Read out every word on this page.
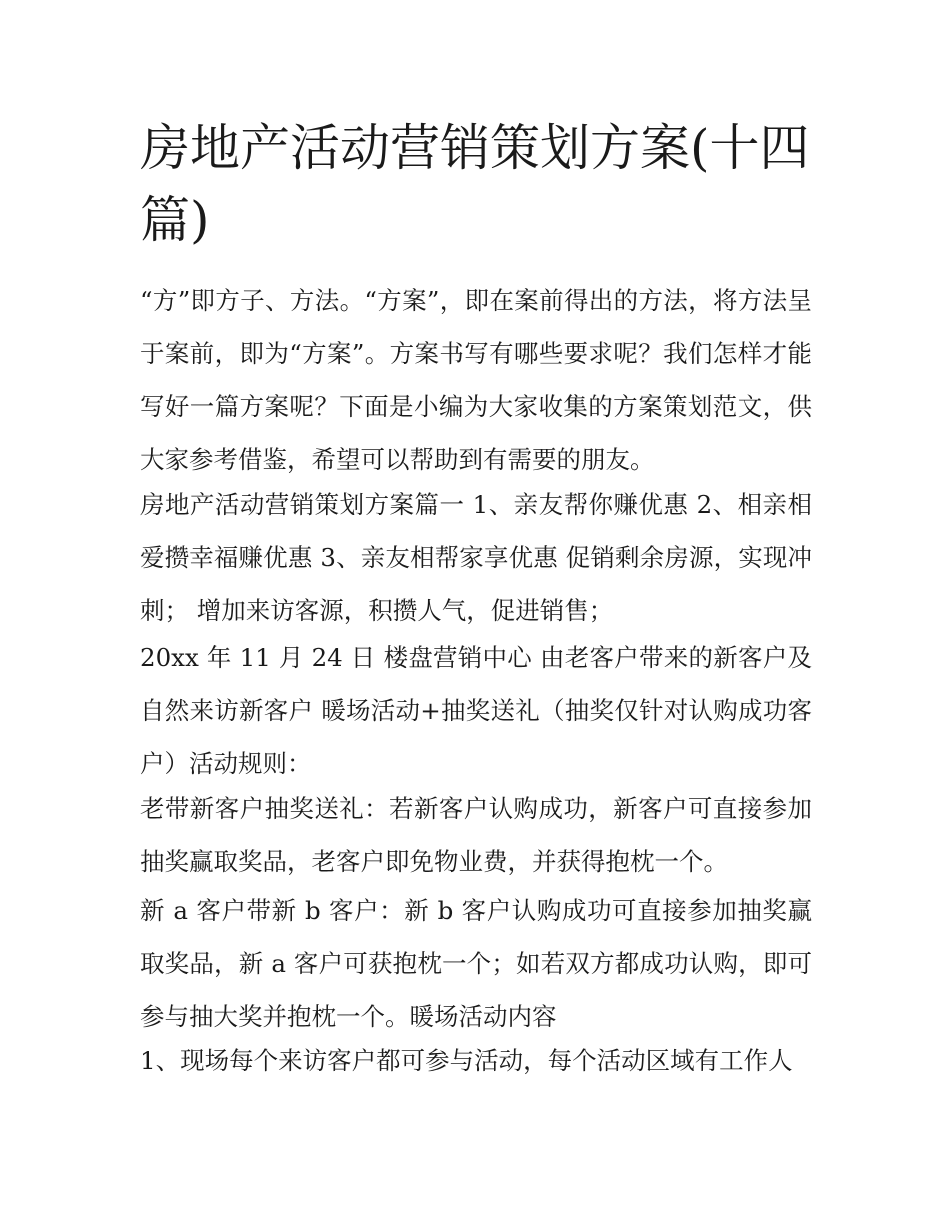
房地产活动营销策划方案(十四篇)

“方”即方子、方法。“方案”，即在案前得出的方法，将方法呈于案前，即为“方案”。方案书写有哪些要求呢？我们怎样才能写好一篇方案呢？下面是小编为大家收集的方案策划范文，供大家参考借鉴，希望可以帮助到有需要的朋友。

房地产活动营销策划方案篇一 1、亲友帮你赚优惠 2、相亲相爱攒幸福赚优惠 3、亲友相帮家享优惠 促销剩余房源，实现冲刺； 增加来访客源，积攒人气，促进销售；

20xx 年 11 月 24 日 楼盘营销中心 由老客户带来的新客户及自然来访新客户 暖场活动+抽奖送礼（抽奖仅针对认购成功客户）活动规则：

老带新客户抽奖送礼：若新客户认购成功，新客户可直接参加抽奖赢取奖品，老客户即免物业费，并获得抱枕一个。

新 a 客户带新 b 客户：新 b 客户认购成功可直接参加抽奖赢取奖品，新 a 客户可获抱枕一个；如若双方都成功认购，即可参与抽大奖并抱枕一个。暖场活动内容

1、现场每个来访客户都可参与活动，每个活动区域有工作人
